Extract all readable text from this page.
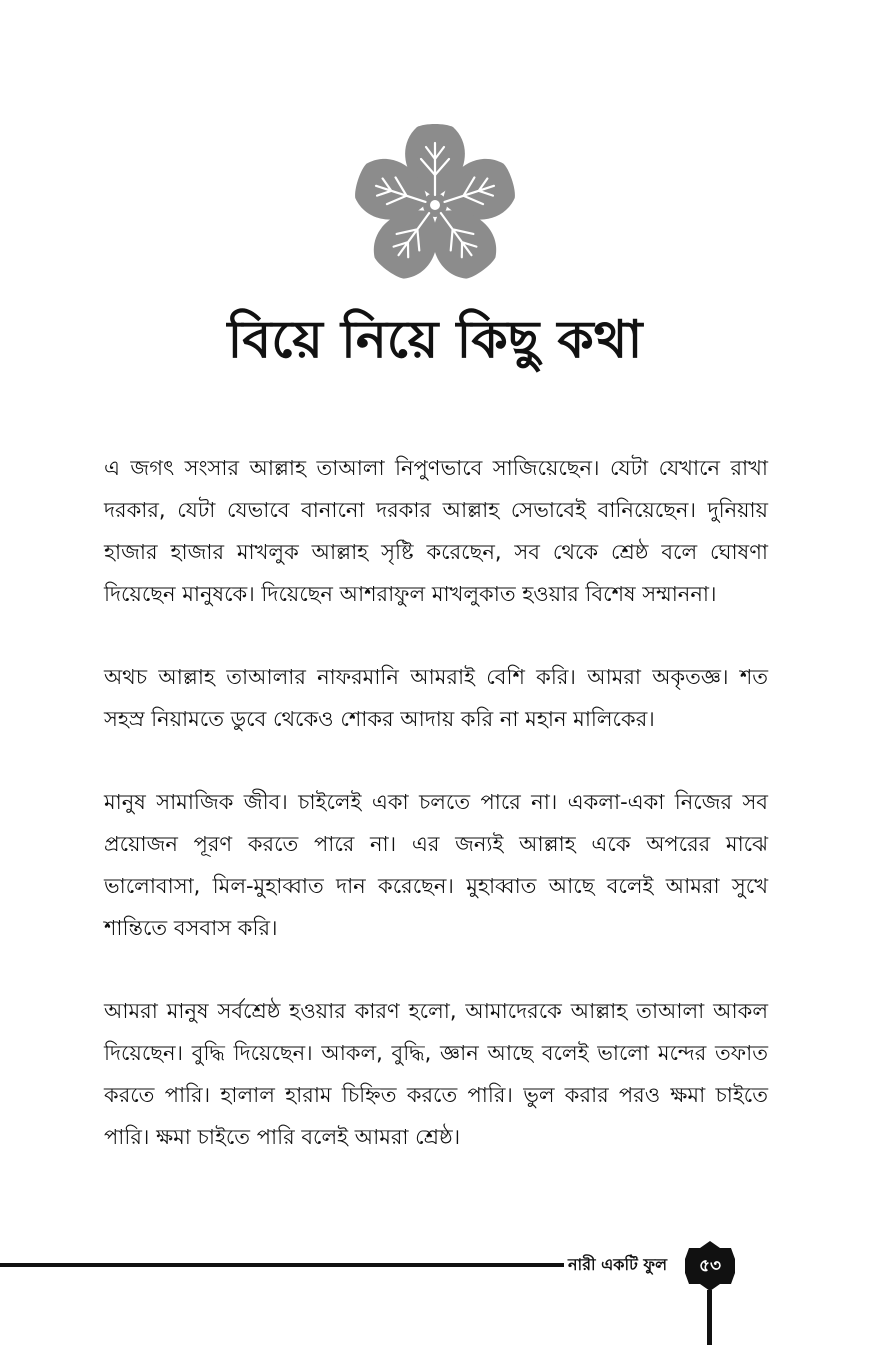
বিয়ে নিয়ে কিছু কথা

এ জগৎ সংসার আল্লাহ তাআলা নিপুণভাবে সাজিয়েছেন। যেটা যেখানে রাখা দরকার, যেটা যেভাবে বানানো দরকার আল্লাহ সেভাবেই বানিয়েছেন। দুনিয়ায় হাজার হাজার মাখলুক আল্লাহ সৃষ্টি করেছেন, সব থেকে শ্রেষ্ঠ বলে ঘোষণা দিয়েছেন মানুষকে। দিয়েছেন আশরাফুল মাখলুকাত হওয়ার বিশেষ সম্মাননা।

অথচ আল্লাহ তাআলার নাফরমানি আমরাই বেশি করি। আমরা অকৃতজ্ঞ। শত সহস্র নিয়ামতে ডুবে থেকেও শোকর আদায় করি না মহান মালিকের।

মানুষ সামাজিক জীব। চাইলেই একা চলতে পারে না। একলা-একা নিজের সব প্রয়োজন পূরণ করতে পারে না। এর জন্যই আল্লাহ একে অপরের মাঝে ভালোবাসা, মিল-মুহাব্বাত দান করেছেন। মুহাব্বাত আছে বলেই আমরা সুখে শান্তিতে বসবাস করি।

আমরা মানুষ সর্বশ্রেষ্ঠ হওয়ার কারণ হলো, আমাদেরকে আল্লাহ তাআলা আকল দিয়েছেন। বুদ্ধি দিয়েছেন। আকল, বুদ্ধি, জ্ঞান আছে বলেই ভালো মন্দের তফাত করতে পারি। হালাল হারাম চিহ্নিত করতে পারি। ভুল করার পরও ক্ষমা চাইতে পারি। ক্ষমা চাইতে পারি বলেই আমরা শ্রেষ্ঠ।

নারী একটি ফুল	৫৩
